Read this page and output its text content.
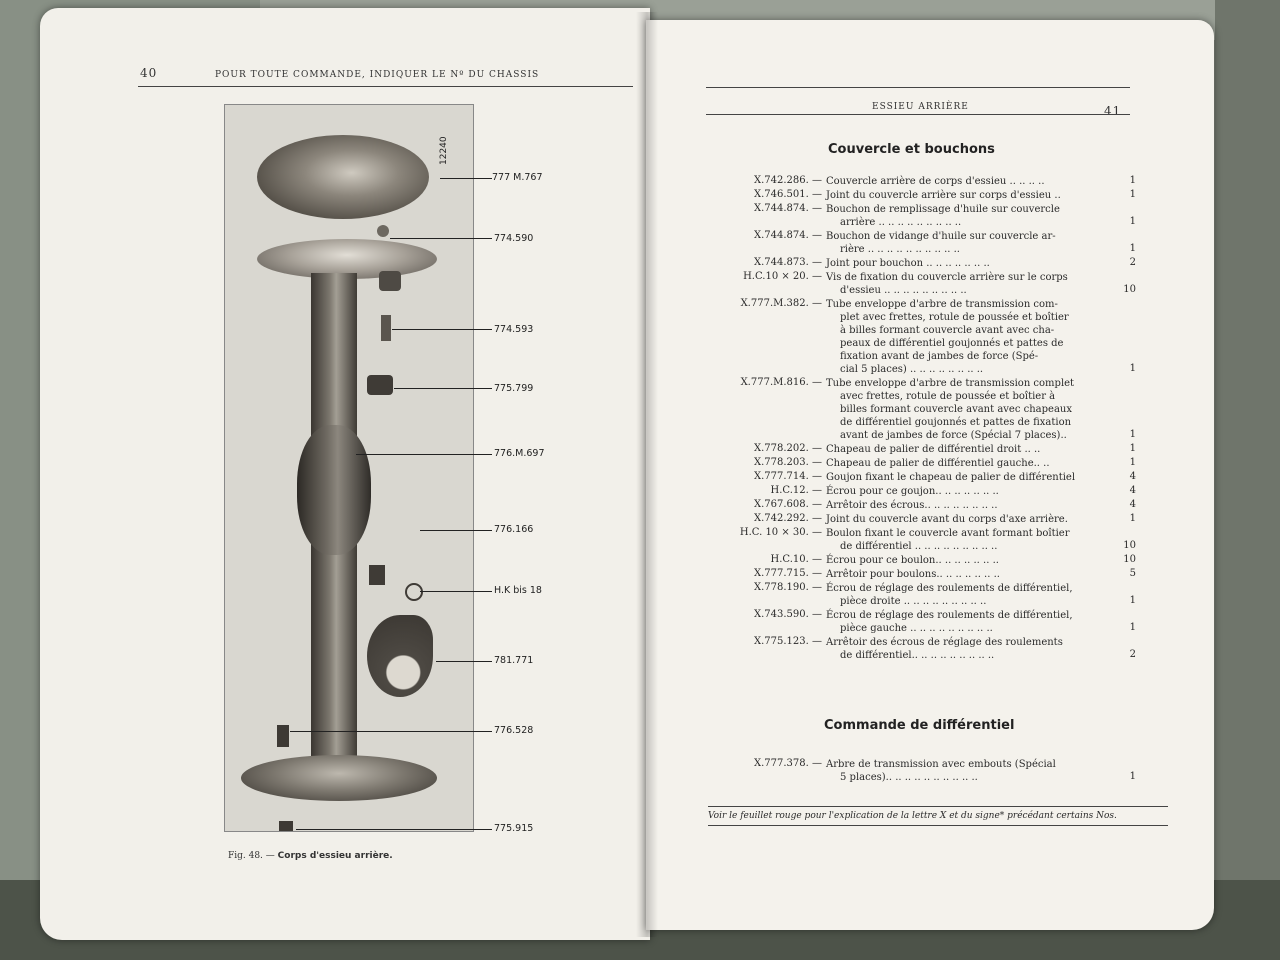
40	POUR TOUTE COMMANDE, INDIQUER LE Nº DU CHASSIS
12240
777 M.767
774.590
774.593
775.799
776.M.697
776.166
H.K bis 18
781.771
776.528
775.915
Fig. 48. — Corps d'essieu arrière.
ESSIEU ARRIÈRE	41
Couvercle et bouchons
X.742.286. — Couvercle arrière de corps d'essieu .. .. .. ..	1
X.746.501. — Joint du couvercle arrière sur corps d'essieu ..	1
X.744.874. — Bouchon de remplissage d'huile sur couvercle
arrière .. .. .. .. .. .. .. .. ..	1
X.744.874. — Bouchon de vidange d'huile sur couvercle ar-
rière .. .. .. .. .. .. .. .. .. ..	1
X.744.873. — Joint pour bouchon .. .. .. .. .. .. ..	2
H.C.10 × 20. — Vis de fixation du couvercle arrière sur le corps
d'essieu .. .. .. .. .. .. .. .. ..	10
X.777.M.382. — Tube enveloppe d'arbre de transmission com-
plet avec frettes, rotule de poussée et boîtier
à billes formant couvercle avant avec cha-
peaux de différentiel goujonnés et pattes de
fixation avant de jambes de force (Spé-
cial 5 places) .. .. .. .. .. .. .. ..	1
X.777.M.816. — Tube enveloppe d'arbre de transmission complet
avec frettes, rotule de poussée et boîtier à
billes formant couvercle avant avec chapeaux
de différentiel goujonnés et pattes de fixation
avant de jambes de force (Spécial 7 places)..	1
X.778.202. — Chapeau de palier de différentiel droit .. ..	1
X.778.203. — Chapeau de palier de différentiel gauche.. ..	1
X.777.714. — Goujon fixant le chapeau de palier de différentiel	4
H.C.12. — Écrou pour ce goujon.. .. .. .. .. .. ..	4
X.767.608. — Arrêtoir des écrous.. .. .. .. .. .. .. ..	4
X.742.292. — Joint du couvercle avant du corps d'axe arrière.	1
H.C. 10 × 30. — Boulon fixant le couvercle avant formant boîtier
de différentiel .. .. .. .. .. .. .. .. ..	10
H.C.10. — Écrou pour ce boulon.. .. .. .. .. .. ..	10
X.777.715. — Arrêtoir pour boulons.. .. .. .. .. .. ..	5
X.778.190. — Écrou de réglage des roulements de différentiel,
pièce droite .. .. .. .. .. .. .. .. ..	1
X.743.590. — Écrou de réglage des roulements de différentiel,
pièce gauche .. .. .. .. .. .. .. .. ..	1
X.775.123. — Arrêtoir des écrous de réglage des roulements
de différentiel.. .. .. .. .. .. .. .. ..	2
Commande de différentiel
X.777.378. — Arbre de transmission avec embouts (Spécial
5 places).. .. .. .. .. .. .. .. .. ..	1
Voir le feuillet rouge pour l'explication de la lettre X et du signe* précédant certains Nos.
